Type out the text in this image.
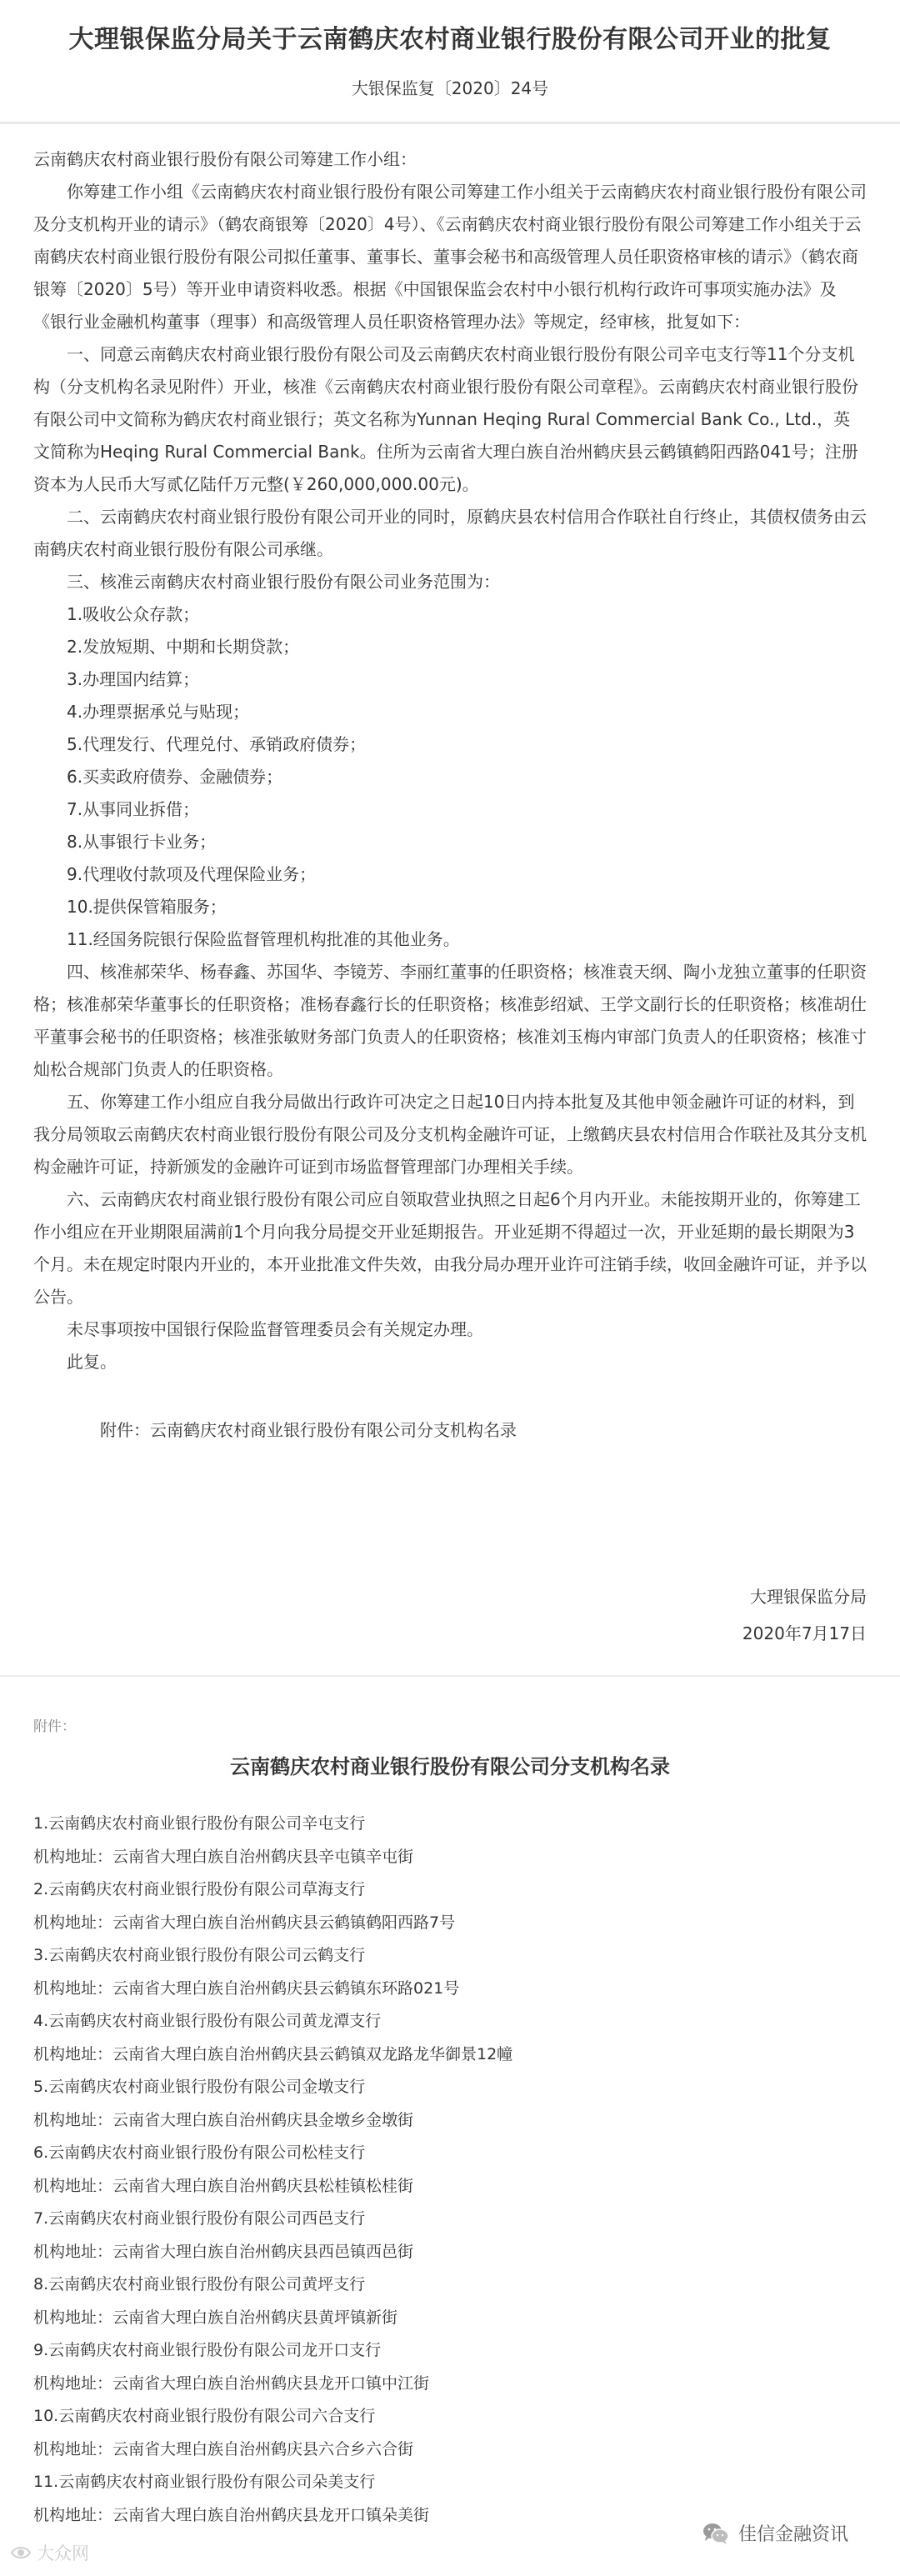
大理银保监分局关于云南鹤庆农村商业银行股份有限公司开业的批复
大银保监复〔2020〕24号

云南鹤庆农村商业银行股份有限公司筹建工作小组：

你筹建工作小组《云南鹤庆农村商业银行股份有限公司筹建工作小组关于云南鹤庆农村商业银行股份有限公司及分支机构开业的请示》（鹤农商银筹〔2020〕4号）、《云南鹤庆农村商业银行股份有限公司筹建工作小组关于云南鹤庆农村商业银行股份有限公司拟任董事、董事长、董事会秘书和高级管理人员任职资格审核的请示》（鹤农商银筹〔2020〕5号）等开业申请资料收悉。根据《中国银保监会农村中小银行机构行政许可事项实施办法》及《银行业金融机构董事（理事）和高级管理人员任职资格管理办法》等规定，经审核，批复如下：

一、同意云南鹤庆农村商业银行股份有限公司及云南鹤庆农村商业银行股份有限公司辛屯支行等11个分支机构（分支机构名录见附件）开业，核准《云南鹤庆农村商业银行股份有限公司章程》。云南鹤庆农村商业银行股份有限公司中文简称为鹤庆农村商业银行；英文名称为Yunnan Heqing Rural Commercial Bank Co., Ltd.，英文简称为Heqing Rural Commercial Bank。住所为云南省大理白族自治州鹤庆县云鹤镇鹤阳西路041号；注册资本为人民币大写贰亿陆仟万元整(￥260,000,000.00元)。

二、云南鹤庆农村商业银行股份有限公司开业的同时，原鹤庆县农村信用合作联社自行终止，其债权债务由云南鹤庆农村商业银行股份有限公司承继。

三、核准云南鹤庆农村商业银行股份有限公司业务范围为：

1.吸收公众存款；

2.发放短期、中期和长期贷款；

3.办理国内结算；

4.办理票据承兑与贴现；

5.代理发行、代理兑付、承销政府债券；

6.买卖政府债券、金融债券；

7.从事同业拆借；

8.从事银行卡业务；

9.代理收付款项及代理保险业务；

10.提供保管箱服务；

11.经国务院银行保险监督管理机构批准的其他业务。

四、核准郝荣华、杨春鑫、苏国华、李镜芳、李丽红董事的任职资格；核准袁天纲、陶小龙独立董事的任职资格；核准郝荣华董事长的任职资格；准杨春鑫行长的任职资格；核准彭绍斌、王学文副行长的任职资格；核准胡仕平董事会秘书的任职资格；核准张敏财务部门负责人的任职资格；核准刘玉梅内审部门负责人的任职资格；核准寸灿松合规部门负责人的任职资格。

五、你筹建工作小组应自我分局做出行政许可决定之日起10日内持本批复及其他申领金融许可证的材料，到我分局领取云南鹤庆农村商业银行股份有限公司及分支机构金融许可证，上缴鹤庆县农村信用合作联社及其分支机构金融许可证，持新颁发的金融许可证到市场监督管理部门办理相关手续。

六、云南鹤庆农村商业银行股份有限公司应自领取营业执照之日起6个月内开业。未能按期开业的，你筹建工作小组应在开业期限届满前1个月向我分局提交开业延期报告。开业延期不得超过一次，开业延期的最长期限为3个月。未在规定时限内开业的，本开业批准文件失效，由我分局办理开业许可注销手续，收回金融许可证，并予以公告。

未尽事项按中国银行保险监督管理委员会有关规定办理。

此复。

附件：云南鹤庆农村商业银行股份有限公司分支机构名录
大理银保监分局
2020年7月17日
附件：
云南鹤庆农村商业银行股份有限公司分支机构名录
1.云南鹤庆农村商业银行股份有限公司辛屯支行
机构地址：云南省大理白族自治州鹤庆县辛屯镇辛屯街
2.云南鹤庆农村商业银行股份有限公司草海支行
机构地址：云南省大理白族自治州鹤庆县云鹤镇鹤阳西路7号
3.云南鹤庆农村商业银行股份有限公司云鹤支行
机构地址：云南省大理白族自治州鹤庆县云鹤镇东环路021号
4.云南鹤庆农村商业银行股份有限公司黄龙潭支行
机构地址：云南省大理白族自治州鹤庆县云鹤镇双龙路龙华御景12幢
5.云南鹤庆农村商业银行股份有限公司金墩支行
机构地址：云南省大理白族自治州鹤庆县金墩乡金墩街
6.云南鹤庆农村商业银行股份有限公司松桂支行
机构地址：云南省大理白族自治州鹤庆县松桂镇松桂街
7.云南鹤庆农村商业银行股份有限公司西邑支行
机构地址：云南省大理白族自治州鹤庆县西邑镇西邑街
8.云南鹤庆农村商业银行股份有限公司黄坪支行
机构地址：云南省大理白族自治州鹤庆县黄坪镇新街
9.云南鹤庆农村商业银行股份有限公司龙开口支行
机构地址：云南省大理白族自治州鹤庆县龙开口镇中江街
10.云南鹤庆农村商业银行股份有限公司六合支行
机构地址：云南省大理白族自治州鹤庆县六合乡六合街
11.云南鹤庆农村商业银行股份有限公司朵美支行
机构地址：云南省大理白族自治州鹤庆县龙开口镇朵美街
大众网
佳信金融资讯
